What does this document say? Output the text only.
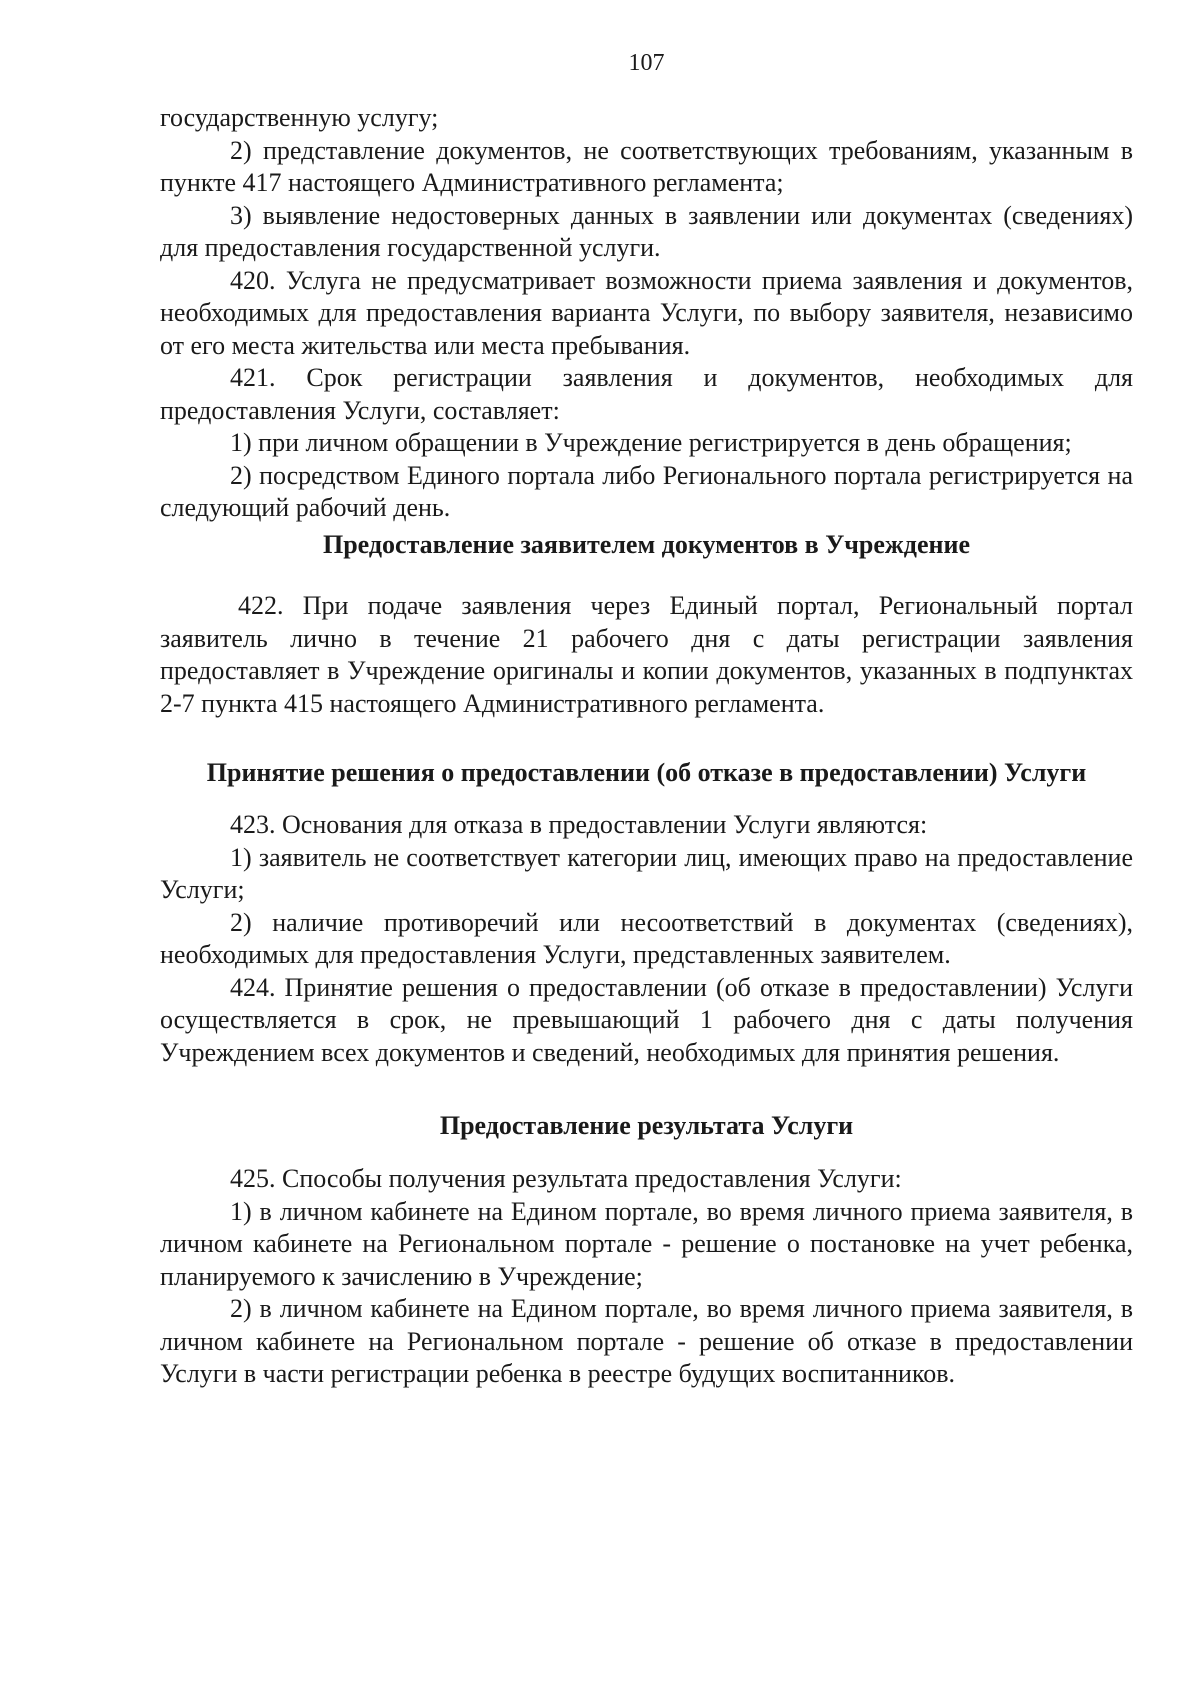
107

государственную услугу;

2) представление документов, не соответствующих требованиям, указанным в пункте 417 настоящего Административного регламента;

3) выявление недостоверных данных в заявлении или документах (сведениях) для предоставления государственной услуги.

420. Услуга не предусматривает возможности приема заявления и документов, необходимых для предоставления варианта Услуги, по выбору заявителя, независимо от его места жительства или места пребывания.

421. Срок регистрации заявления и документов, необходимых для предоставления Услуги, составляет:

1) при личном обращении в Учреждение регистрируется в день обращения;

2) посредством Единого портала либо Регионального портала регистрируется на следующий рабочий день.

Предоставление заявителем документов в Учреждение

422. При подаче заявления через Единый портал, Региональный портал заявитель лично в течение 21 рабочего дня с даты регистрации заявления предоставляет в Учреждение оригиналы и копии документов, указанных в подпунктах 2-7 пункта 415 настоящего Административного регламента.

Принятие решения о предоставлении (об отказе в предоставлении) Услуги

423. Основания для отказа в предоставлении Услуги являются:

1) заявитель не соответствует категории лиц, имеющих право на предоставление Услуги;

2) наличие противоречий или несоответствий в документах (сведениях), необходимых для предоставления Услуги, представленных заявителем.

424. Принятие решения о предоставлении (об отказе в предоставлении) Услуги осуществляется в срок, не превышающий 1 рабочего дня с даты получения Учреждением всех документов и сведений, необходимых для принятия решения.

Предоставление результата Услуги

425. Способы получения результата предоставления Услуги:

1) в личном кабинете на Едином портале, во время личного приема заявителя, в личном кабинете на Региональном портале - решение о постановке на учет ребенка, планируемого к зачислению в Учреждение;

2) в личном кабинете на Едином портале, во время личного приема заявителя, в личном кабинете на Региональном портале - решение об отказе в предоставлении Услуги в части регистрации ребенка в реестре будущих воспитанников.
